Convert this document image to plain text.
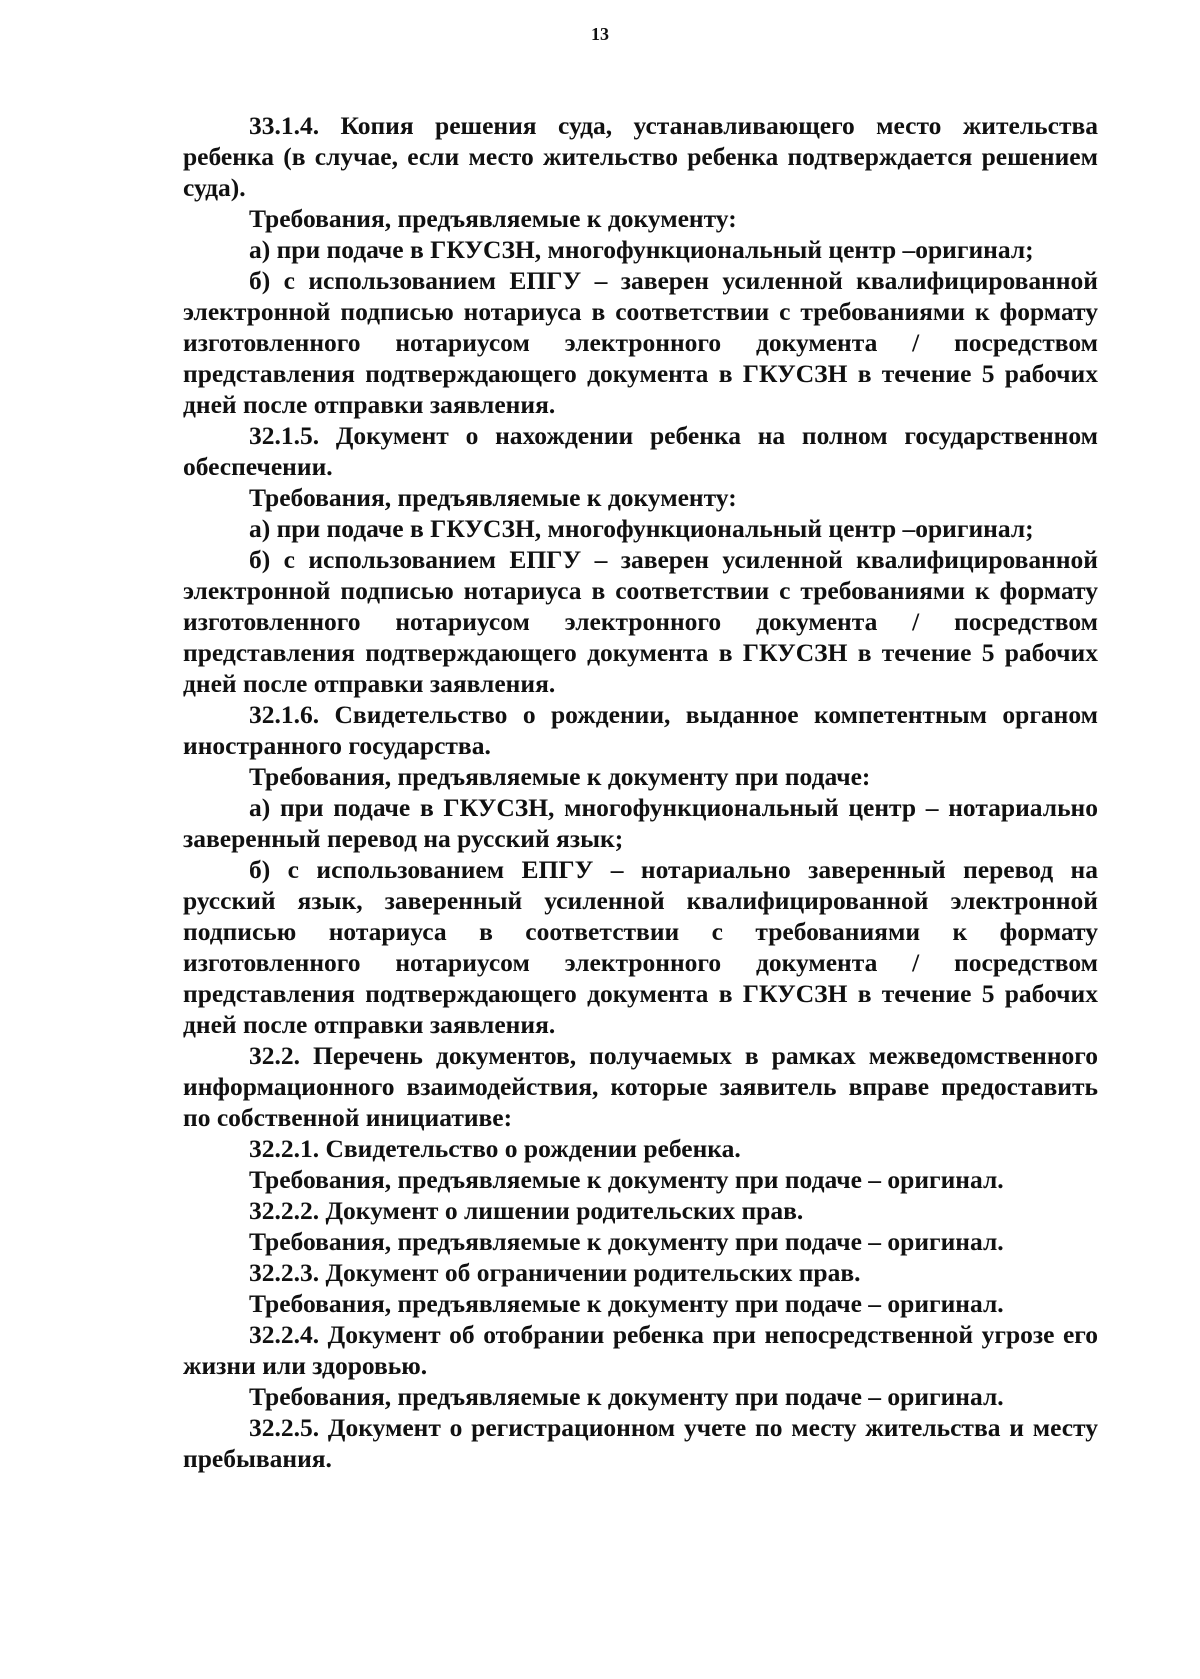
13

33.1.4. Копия решения суда, устанавливающего место жительства ребенка (в случае, если место жительство ребенка подтверждается решением суда).

Требования, предъявляемые к документу:

а) при подаче в ГКУСЗН, многофункциональный центр –оригинал;

б) с использованием ЕПГУ – заверен усиленной квалифицированной электронной подписью нотариуса в соответствии с требованиями к формату изготовленного нотариусом электронного документа / посредством представления подтверждающего документа в ГКУСЗН в течение 5 рабочих дней после отправки заявления.

32.1.5. Документ о нахождении ребенка на полном государственном обеспечении.

Требования, предъявляемые к документу:

а) при подаче в ГКУСЗН, многофункциональный центр –оригинал;

б) с использованием ЕПГУ – заверен усиленной квалифицированной электронной подписью нотариуса в соответствии с требованиями к формату изготовленного нотариусом электронного документа / посредством представления подтверждающего документа в ГКУСЗН в течение 5 рабочих дней после отправки заявления.

32.1.6. Свидетельство о рождении, выданное компетентным органом иностранного государства.

Требования, предъявляемые к документу при подаче:

а) при подаче в ГКУСЗН, многофункциональный центр – нотариально заверенный перевод на русский язык;

б) с использованием ЕПГУ – нотариально заверенный перевод на русский язык, заверенный усиленной квалифицированной электронной подписью нотариуса в соответствии с требованиями к формату изготовленного нотариусом электронного документа / посредством представления подтверждающего документа в ГКУСЗН в течение 5 рабочих дней после отправки заявления.

32.2. Перечень документов, получаемых в рамках межведомственного информационного взаимодействия, которые заявитель вправе предоставить по собственной инициативе:

32.2.1. Свидетельство о рождении ребенка.

Требования, предъявляемые к документу при подаче – оригинал.

32.2.2. Документ о лишении родительских прав.

Требования, предъявляемые к документу при подаче – оригинал.

32.2.3. Документ об ограничении родительских прав.

Требования, предъявляемые к документу при подаче – оригинал.

32.2.4. Документ об отобрании ребенка при непосредственной угрозе его жизни или здоровью.

Требования, предъявляемые к документу при подаче – оригинал.

32.2.5. Документ о регистрационном учете по месту жительства и месту пребывания.
